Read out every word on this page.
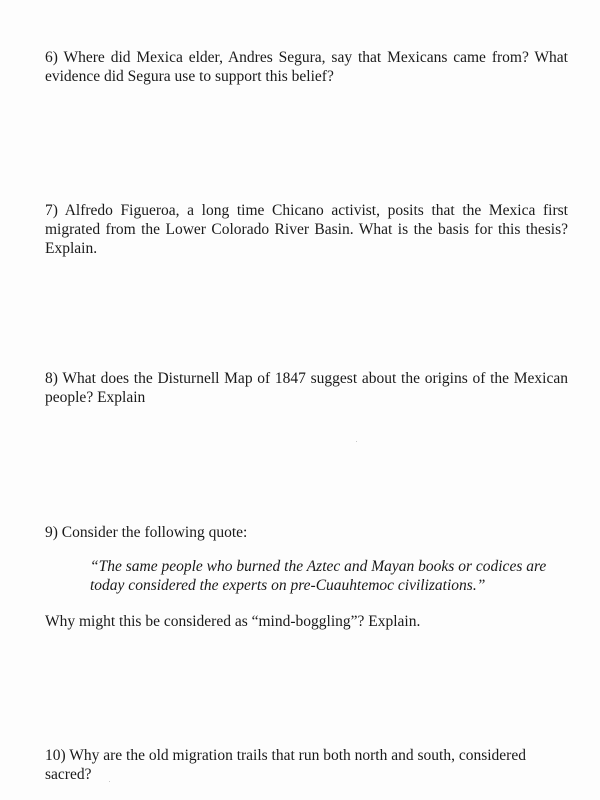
6) Where did Mexica elder, Andres Segura, say that Mexicans came from? What evidence did Segura use to support this belief?

7) Alfredo Figueroa, a long time Chicano activist, posits that the Mexica first migrated from the Lower Colorado River Basin. What is the basis for this thesis? Explain.

8) What does the Disturnell Map of 1847 suggest about the origins of the Mexican people? Explain

9) Consider the following quote:

“The same people who burned the Aztec and Mayan books or codices are today considered the experts on pre-Cuauhtemoc civilizations.”

Why might this be considered as “mind-boggling”? Explain.

10) Why are the old migration trails that run both north and south, considered sacred?
